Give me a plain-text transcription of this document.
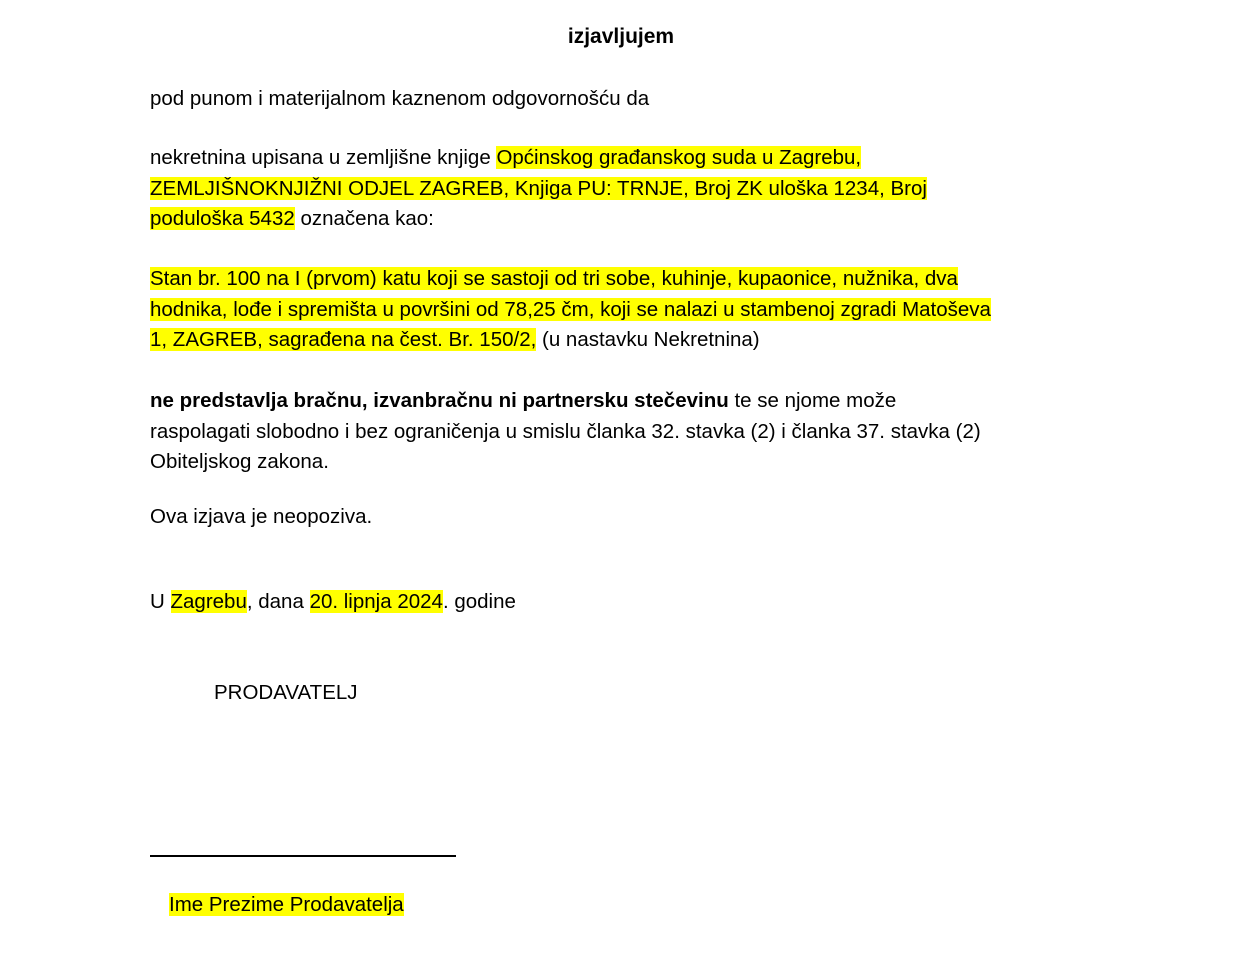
izjavljujem
pod punom i materijalnom kaznenom odgovornošću da
nekretnina upisana u zemljišne knjige Općinskog građanskog suda u Zagrebu,
ZEMLJIŠNOKNJIŽNI ODJEL ZAGREB, Knjiga PU: TRNJE, Broj ZK uloška 1234, Broj
poduloška 5432 označena kao:
Stan br. 100 na I (prvom) katu koji se sastoji od tri sobe, kuhinje, kupaonice, nužnika, dva
hodnika, lođe i spremišta u površini od 78,25 čm, koji se nalazi u stambenoj zgradi Matoševa
1, ZAGREB, sagrađena na čest. Br. 150/2, (u nastavku Nekretnina)
ne predstavlja bračnu, izvanbračnu ni partnersku stečevinu te se njome može
raspolagati slobodno i bez ograničenja u smislu članka 32. stavka (2) i članka 37. stavka (2)
Obiteljskog zakona.
Ova izjava je neopoziva.
U Zagrebu, dana 20. lipnja 2024. godine
PRODAVATELJ
Ime Prezime Prodavatelja
